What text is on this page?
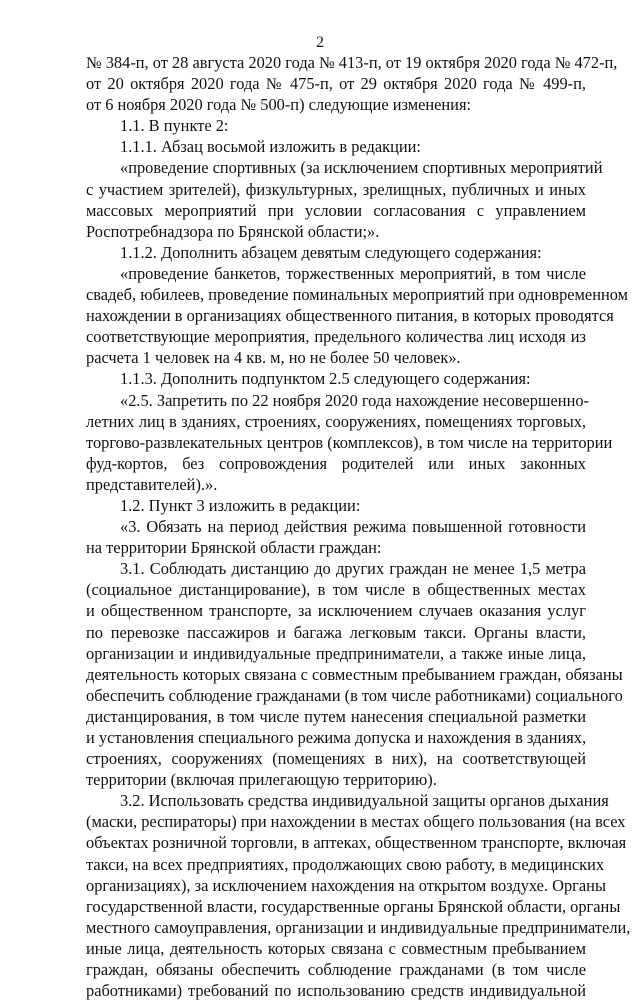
2
№ 384-п, от 28 августа 2020 года № 413-п, от 19 октября 2020 года № 472-п,
от 20 октября 2020 года № 475-п, от 29 октября 2020 года № 499-п,
от 6 ноября 2020 года № 500-п) следующие изменения:
1.1. В пункте 2:
1.1.1. Абзац восьмой изложить в редакции:
«проведение спортивных (за исключением спортивных мероприятий
с участием зрителей), физкультурных, зрелищных, публичных и иных
массовых мероприятий при условии согласования с управлением
Роспотребнадзора по Брянской области;».
1.1.2. Дополнить абзацем девятым следующего содержания:
«проведение банкетов, торжественных мероприятий, в том числе
свадеб, юбилеев, проведение поминальных мероприятий при одновременном
нахождении в организациях общественного питания, в которых проводятся
соответствующие мероприятия, предельного количества лиц исходя из
расчета 1 человек на 4 кв. м, но не более 50 человек».
1.1.3. Дополнить подпунктом 2.5 следующего содержания:
«2.5. Запретить по 22 ноября 2020 года нахождение несовершенно-
летних лиц в зданиях, строениях, сооружениях, помещениях торговых,
торгово-развлекательных центров (комплексов), в том числе на территории
фуд-кортов, без сопровождения родителей или иных законных
представителей).».
1.2. Пункт 3 изложить в редакции:
«3. Обязать на период действия режима повышенной готовности
на территории Брянской области граждан:
3.1. Соблюдать дистанцию до других граждан не менее 1,5 метра
(социальное дистанцирование), в том числе в общественных местах
и общественном транспорте, за исключением случаев оказания услуг
по перевозке пассажиров и багажа легковым такси. Органы власти,
организации и индивидуальные предприниматели, а также иные лица,
деятельность которых связана с совместным пребыванием граждан, обязаны
обеспечить соблюдение гражданами (в том числе работниками) социального
дистанцирования, в том числе путем нанесения специальной разметки
и установления специального режима допуска и нахождения в зданиях,
строениях, сооружениях (помещениях в них), на соответствующей
территории (включая прилегающую территорию).
3.2. Использовать средства индивидуальной защиты органов дыхания
(маски, респираторы) при нахождении в местах общего пользования (на всех
объектах розничной торговли, в аптеках, общественном транспорте, включая
такси, на всех предприятиях, продолжающих свою работу, в медицинских
организациях), за исключением нахождения на открытом воздухе. Органы
государственной власти, государственные органы Брянской области, органы
местного самоуправления, организации и индивидуальные предприниматели,
иные лица, деятельность которых связана с совместным пребыванием
граждан, обязаны обеспечить соблюдение гражданами (в том числе
работниками) требований по использованию средств индивидуальной
